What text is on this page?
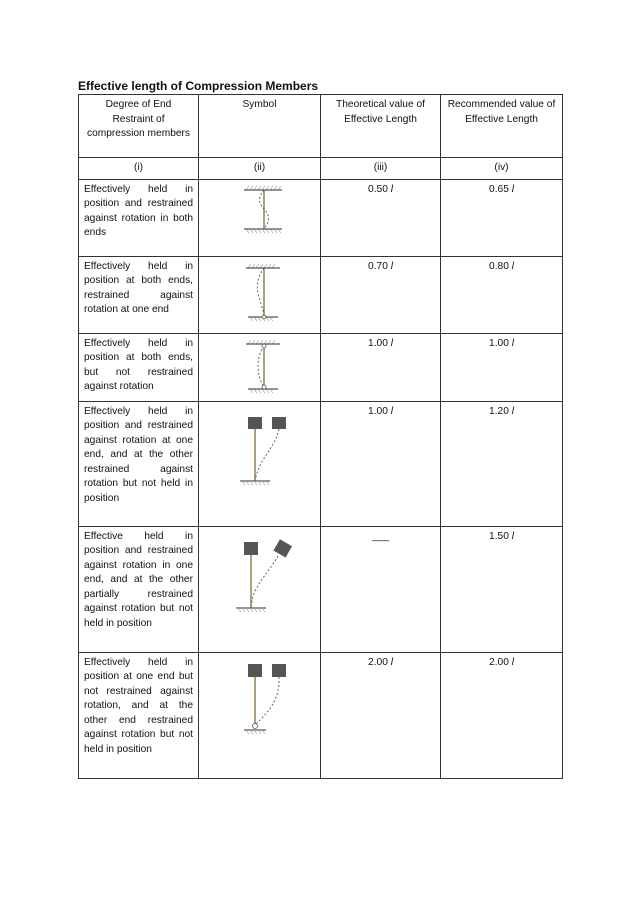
Effective length of Compression Members
Degree of End Restraint of compression members	Symbol	Theoretical value of Effective Length	Recommended value of Effective Length
(i)	(ii)	(iii)	(iv)
Effectively held in position and restrained against rotation in both ends		0.50 l	0.65 l
Effectively held in position at both ends, restrained against rotation at one end		0.70 l	0.80 l
Effectively held in position at both ends, but not restrained against rotation		1.00 l	1.00 l
Effectively held in position and restrained against rotation at one end, and at the other restrained against rotation but not held in position		1.00 l	1.20 l
Effective held in position and restrained against rotation in one end, and at the other partially restrained against rotation but not held in position		___	1.50 l
Effectively held in position at one end but not restrained against rotation, and at the other end restrained against rotation but not held in position		2.00 l	2.00 l
